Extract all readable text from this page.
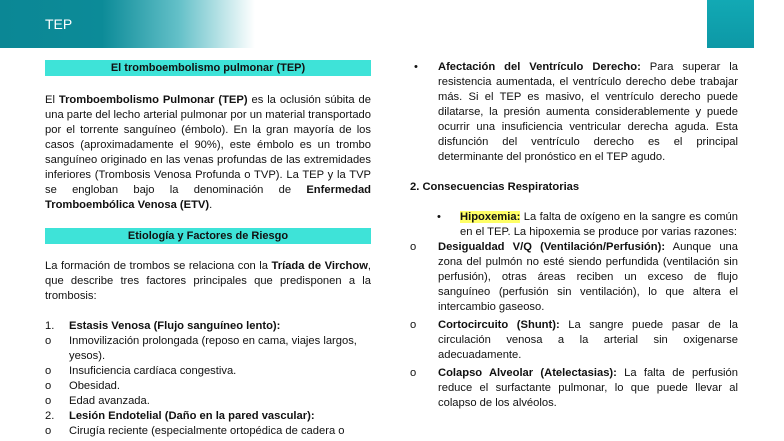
TEP
El tromboembolismo pulmonar (TEP)

El Tromboembolismo Pulmonar (TEP) es la oclusión súbita de una parte del lecho arterial pulmonar por un material transportado por el torrente sanguíneo (émbolo). En la gran mayoría de los casos (aproximadamente el 90%), este émbolo es un trombo sanguíneo originado en las venas profundas de las extremidades inferiores (Trombosis Venosa Profunda o TVP). La TEP y la TVP se engloban bajo la denominación de Enfermedad Tromboembólica Venosa (ETV).

Etiología y Factores de Riesgo

La formación de trombos se relaciona con la Tríada de Virchow, que describe tres factores principales que predisponen a la trombosis:

1.	Estasis Venosa (Flujo sanguíneo lento):
o	Inmovilización prolongada (reposo en cama, viajes largos, yesos).
o	Insuficiencia cardíaca congestiva.
o	Obesidad.
o	Edad avanzada.
2.	Lesión Endotelial (Daño en la pared vascular):
o	Cirugía reciente (especialmente ortopédica de cadera o
•	Afectación del Ventrículo Derecho: Para superar la resistencia aumentada, el ventrículo derecho debe trabajar más. Si el TEP es masivo, el ventrículo derecho puede dilatarse, la presión aumenta considerablemente y puede ocurrir una insuficiencia ventricular derecha aguda. Esta disfunción del ventrículo derecho es el principal determinante del pronóstico en el TEP agudo.
2. Consecuencias Respiratorias
•	Hipoxemia: La falta de oxígeno en la sangre es común en el TEP. La hipoxemia se produce por varias razones:
o	Desigualdad V/Q (Ventilación/Perfusión): Aunque una zona del pulmón no esté siendo perfundida (ventilación sin perfusión), otras áreas reciben un exceso de flujo sanguíneo (perfusión sin ventilación), lo que altera el intercambio gaseoso.
o	Cortocircuito (Shunt): La sangre puede pasar de la circulación venosa a la arterial sin oxigenarse adecuadamente.
o	Colapso Alveolar (Atelectasias): La falta de perfusión reduce el surfactante pulmonar, lo que puede llevar al colapso de los alvéolos.
